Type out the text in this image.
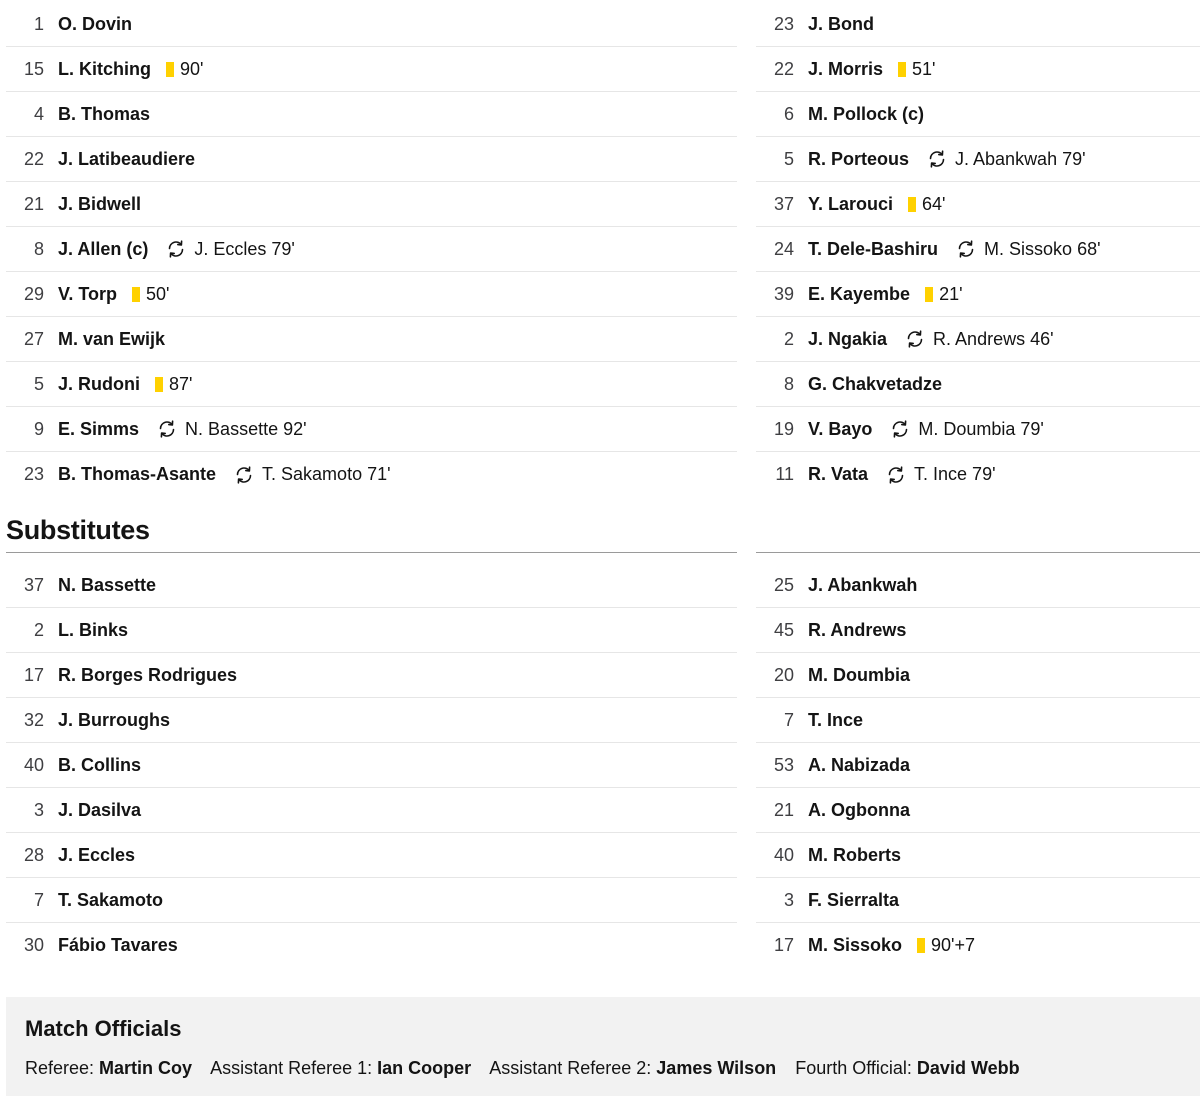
1 O. Dovin
15 L. Kitching 90'
4 B. Thomas
22 J. Latibeaudiere
21 J. Bidwell
8 J. Allen (c)	J. Eccles 79'
29 V. Torp 50'
27 M. van Ewijk
5 J. Rudoni 87'
9 E. Simms	N. Bassette 92'
23 B. Thomas-Asante	T. Sakamoto 71'
23 J. Bond
22 J. Morris 51'
6 M. Pollock (c)
5 R. Porteous	J. Abankwah 79'
37 Y. Larouci 64'
24 T. Dele-Bashiru	M. Sissoko 68'
39 E. Kayembe 21'
2 J. Ngakia	R. Andrews 46'
8 G. Chakvetadze
19 V. Bayo	M. Doumbia 79'
11 R. Vata	T. Ince 79'
Substitutes
37 N. Bassette
2 L. Binks
17 R. Borges Rodrigues
32 J. Burroughs
40 B. Collins
3 J. Dasilva
28 J. Eccles
7 T. Sakamoto
30 Fábio Tavares
25 J. Abankwah
45 R. Andrews
20 M. Doumbia
7 T. Ince
53 A. Nabizada
21 A. Ogbonna
40 M. Roberts
3 F. Sierralta
17 M. Sissoko 90'+7
Match Officials
Referee: Martin Coy Assistant Referee 1: Ian Cooper Assistant Referee 2: James Wilson Fourth Official: David Webb
